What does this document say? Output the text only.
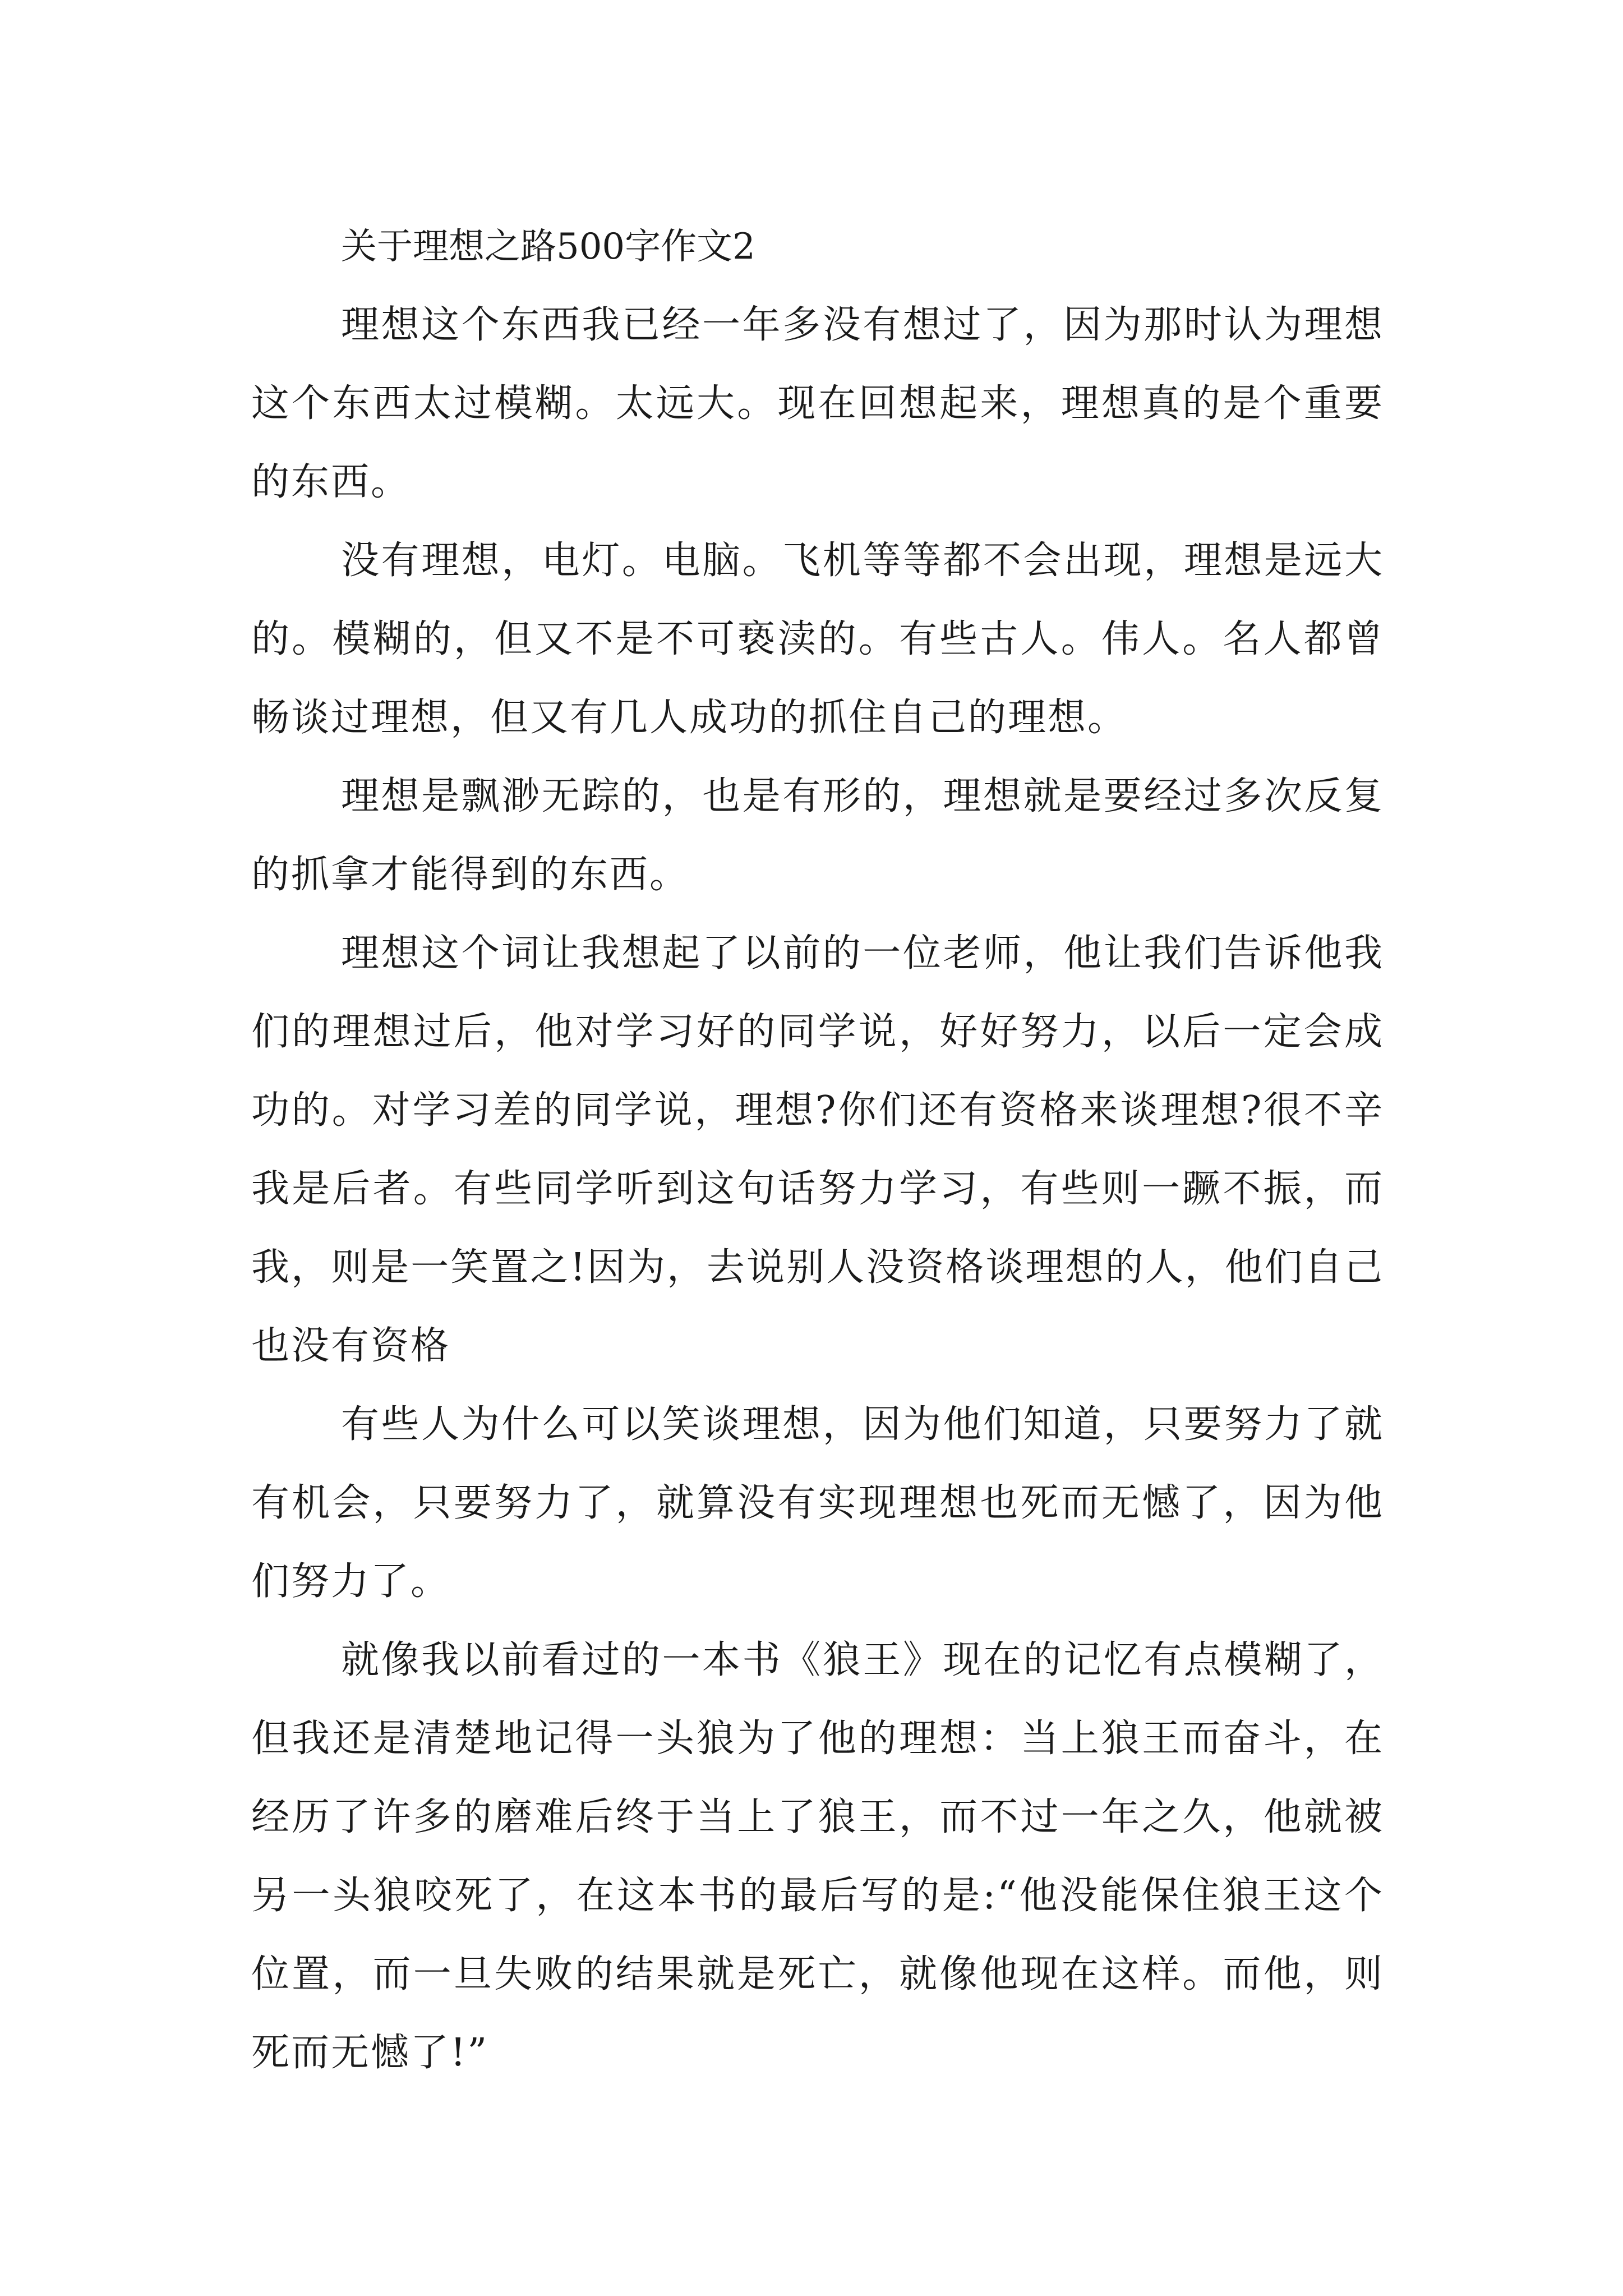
关于理想之路500字作文2

理想这个东西我已经一年多没有想过了，因为那时认为理想这个东西太过模糊。太远大。现在回想起来，理想真的是个重要的东西。

没有理想，电灯。电脑。飞机等等都不会出现，理想是远大的。模糊的，但又不是不可亵渎的。有些古人。伟人。名人都曾畅谈过理想，但又有几人成功的抓住自己的理想。

理想是飘渺无踪的，也是有形的，理想就是要经过多次反复的抓拿才能得到的东西。

理想这个词让我想起了以前的一位老师，他让我们告诉他我们的理想过后，他对学习好的同学说，好好努力，以后一定会成功的。对学习差的同学说，理想?你们还有资格来谈理想?很不辛我是后者。有些同学听到这句话努力学习，有些则一蹶不振，而我，则是一笑置之!因为，去说别人没资格谈理想的人，他们自己也没有资格

有些人为什么可以笑谈理想，因为他们知道，只要努力了就有机会，只要努力了，就算没有实现理想也死而无憾了，因为他们努力了。

就像我以前看过的一本书《狼王》现在的记忆有点模糊了，但我还是清楚地记得一头狼为了他的理想：当上狼王而奋斗，在经历了许多的磨难后终于当上了狼王，而不过一年之久，他就被另一头狼咬死了，在这本书的最后写的是:“他没能保住狼王这个位置，而一旦失败的结果就是死亡，就像他现在这样。而他，则死而无憾了!”
